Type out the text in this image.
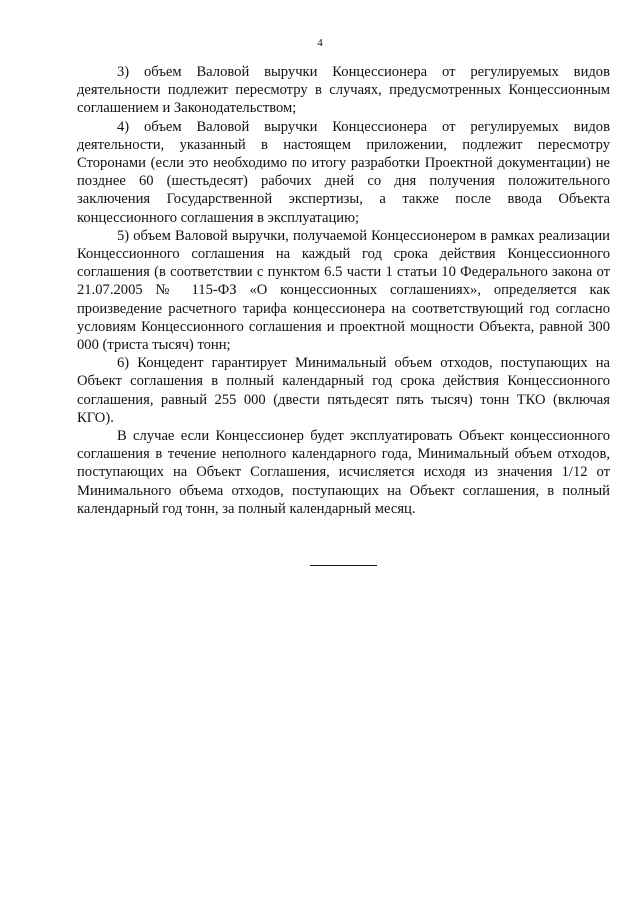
4

3) объем Валовой выручки Концессионера от регулируемых видов деятельности подлежит пересмотру в случаях, предусмотренных Концессионным соглашением и Законодательством;

4) объем Валовой выручки Концессионера от регулируемых видов деятельности, указанный в настоящем приложении, подлежит пересмотру Сторонами (если это необходимо по итогу разработки Проектной документации) не позднее 60 (шестьдесят) рабочих дней со дня получения положительного заключения Государственной экспертизы, а также после ввода Объекта концессионного соглашения в эксплуатацию;

5) объем Валовой выручки, получаемой Концессионером в рамках реализации Концессионного соглашения на каждый год срока действия Концессионного соглашения (в соответствии с пунктом 6.5 части 1 статьи 10 Федерального закона от 21.07.2005 № 115-ФЗ «О концессионных соглашениях», определяется как произведение расчетного тарифа концессионера на соответствующий год согласно условиям Концессионного соглашения и проектной мощности Объекта, равной 300 000 (триста тысяч) тонн;

6) Концедент гарантирует Минимальный объем отходов, поступающих на Объект соглашения в полный календарный год срока действия Концессионного соглашения, равный 255 000 (двести пятьдесят пять тысяч) тонн ТКО (включая КГО).

В случае если Концессионер будет эксплуатировать Объект концессионного соглашения в течение неполного календарного года, Минимальный объем отходов, поступающих на Объект Соглашения, исчисляется исходя из значения 1/12 от Минимального объема отходов, поступающих на Объект соглашения, в полный календарный год тонн, за полный календарный месяц.
